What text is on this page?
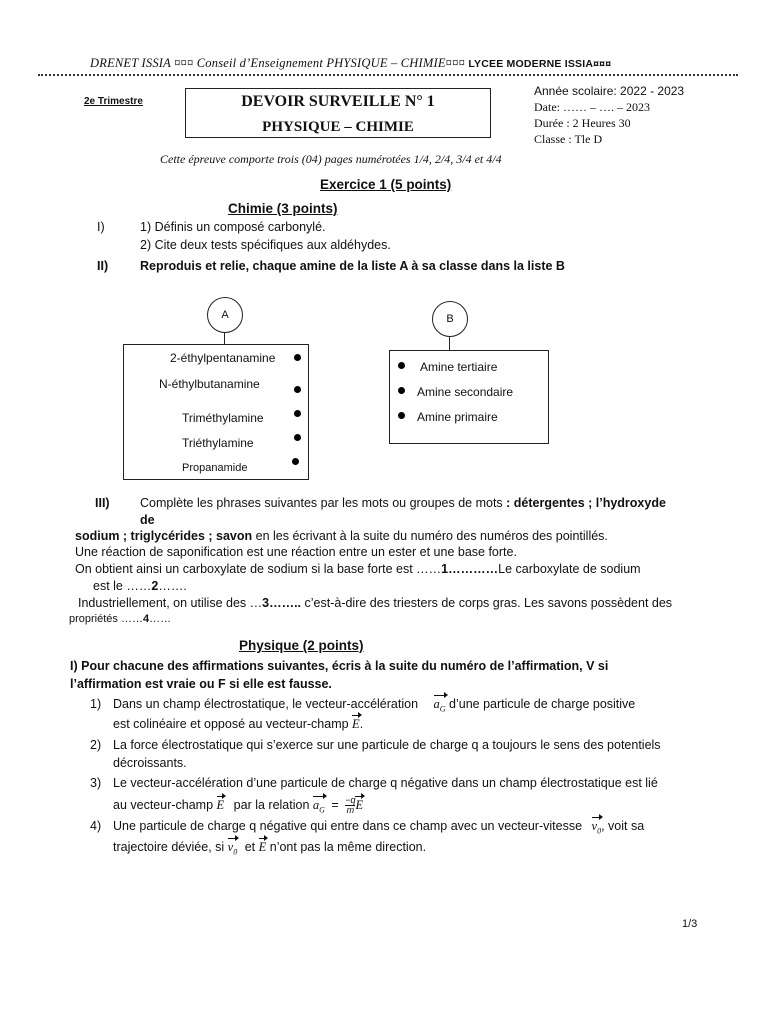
DRENET ISSIA ¤¤¤ Conseil d’Enseignement PHYSIQUE – CHIMIE¤¤¤ LYCEE MODERNE ISSIA¤¤¤
2e Trimestre	DEVOIR SURVEILLE N° 1
PHYSIQUE – CHIMIE
Année scolaire: 2022 - 2023
Date: …… – …. – 2023
Durée : 2 Heures 30
Classe : Tle D
Cette épreuve comporte trois (04) pages numérotées 1/4, 2/4, 3/4 et 4/4
Exercice 1 (5 points)
Chimie (3 points)
I)	1) Définis un composé carbonylé.
2) Cite deux tests spécifiques aux aldéhydes.
II)	Reproduis et relie, chaque amine de la liste A à sa classe dans la liste B
A
2-éthylpentanamine
N-éthylbutanamine
Triméthylamine
Triéthylamine
Propanamide
B
Amine tertiaire
Amine secondaire
Amine primaire
III) Complète les phrases suivantes par les mots ou groupes de mots : détergentes ; l’hydroxyde
de
sodium ; triglycérides ; savon en les écrivant à la suite du numéro des numéros des pointillés.
Une réaction de saponification est une réaction entre un ester et une base forte.
On obtient ainsi un carboxylate de sodium si la base forte est ……1…………Le carboxylate de sodium
est le ……2…….
Industriellement, on utilise des …3…….. c’est-à-dire des triesters de corps gras. Les savons possèdent des
propriétés ……4……
Physique (2 points)
I) Pour chacune des affirmations suivantes, écris à la suite du numéro de l’affirmation, V si
l’affirmation est vraie ou F si elle est fausse.
1) Dans un champ électrostatique, le vecteur-accélération $a_G$ d’une particule de charge positive
est colinéaire et opposé au vecteur-champ E.
2) La force électrostatique qui s’exerce sur une particule de charge q a toujours le sens des potentiels
décroissants.
3) Le vecteur-accélération d’une particule de charge q négative dans un champ électrostatique est lié
au vecteur-champ E par la relation $a_G = \frac{-q}{m}E$
4) Une particule de charge q négative qui entre dans ce champ avec un vecteur-vitesse $v_0$, voit sa
trajectoire déviée, si $v_0$ et E n’ont pas la même direction.
1/3
